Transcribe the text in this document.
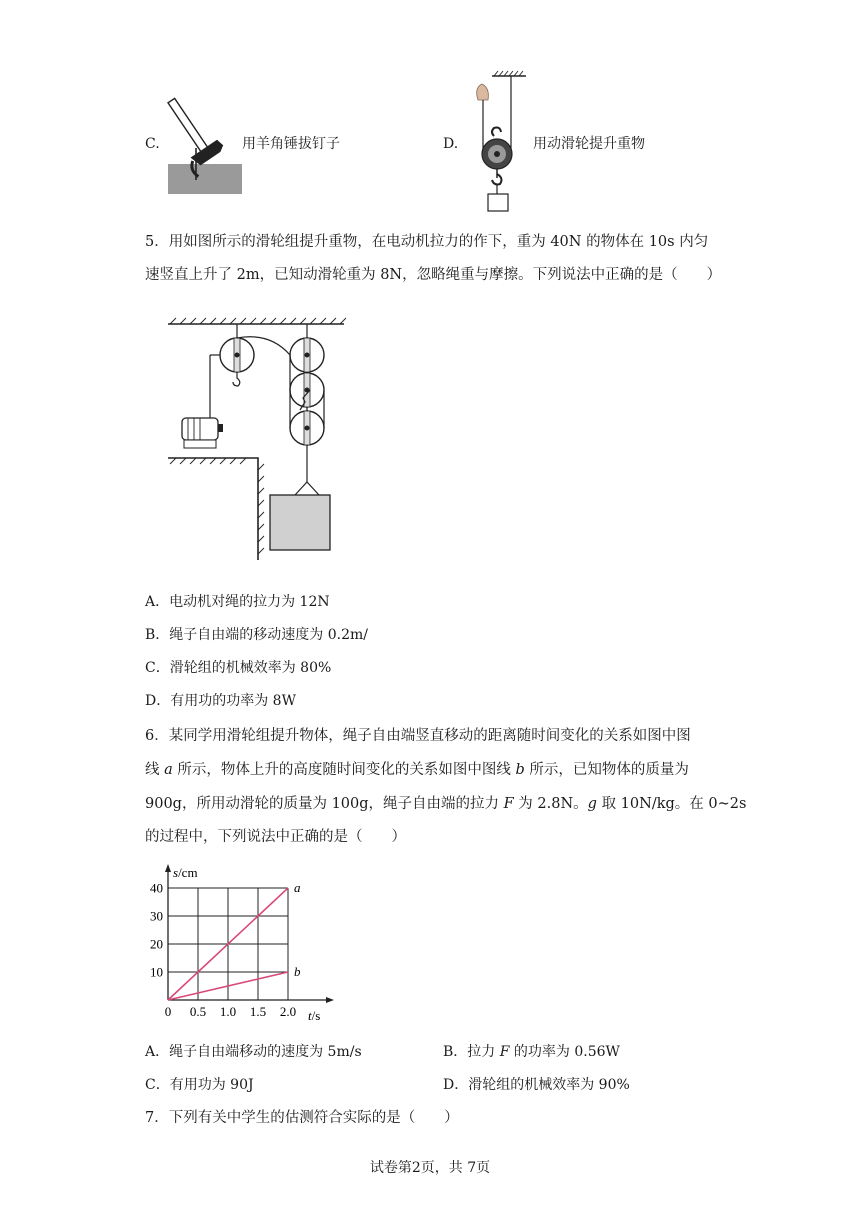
C.	用羊角锤拔钉子	D.	用动滑轮提升重物
5．用如图所示的滑轮组提升重物，在电动机拉力的作下，重为 40N 的物体在 10s 内匀
速竖直上升了 2m，已知动滑轮重为 8N，忽略绳重与摩擦。下列说法中正确的是（　　）
A．电动机对绳的拉力为 12N
B．绳子自由端的移动速度为 0.2m/
C．滑轮组的机械效率为 80%
D．有用功的功率为 8W
6．某同学用滑轮组提升物体，绳子自由端竖直移动的距离随时间变化的关系如图中图
线 a 所示，物体上升的高度随时间变化的关系如图中图线 b 所示，已知物体的质量为
900g，所用动滑轮的质量为 100g，绳子自由端的拉力 F 为 2.8N。g 取 10N/kg。在 0~2s
的过程中，下列说法中正确的是（　　）
0 0.5 1.0 1.5 2.0
10
20
30
40	a
b
s/cm
t/s
A．绳子自由端移动的速度为 5m/s	B．拉力 F 的功率为 0.56W
C．有用功为 90J	D．滑轮组的机械效率为 90%
7．下列有关中学生的估测符合实际的是（　　）
试卷第2页，共 7页
